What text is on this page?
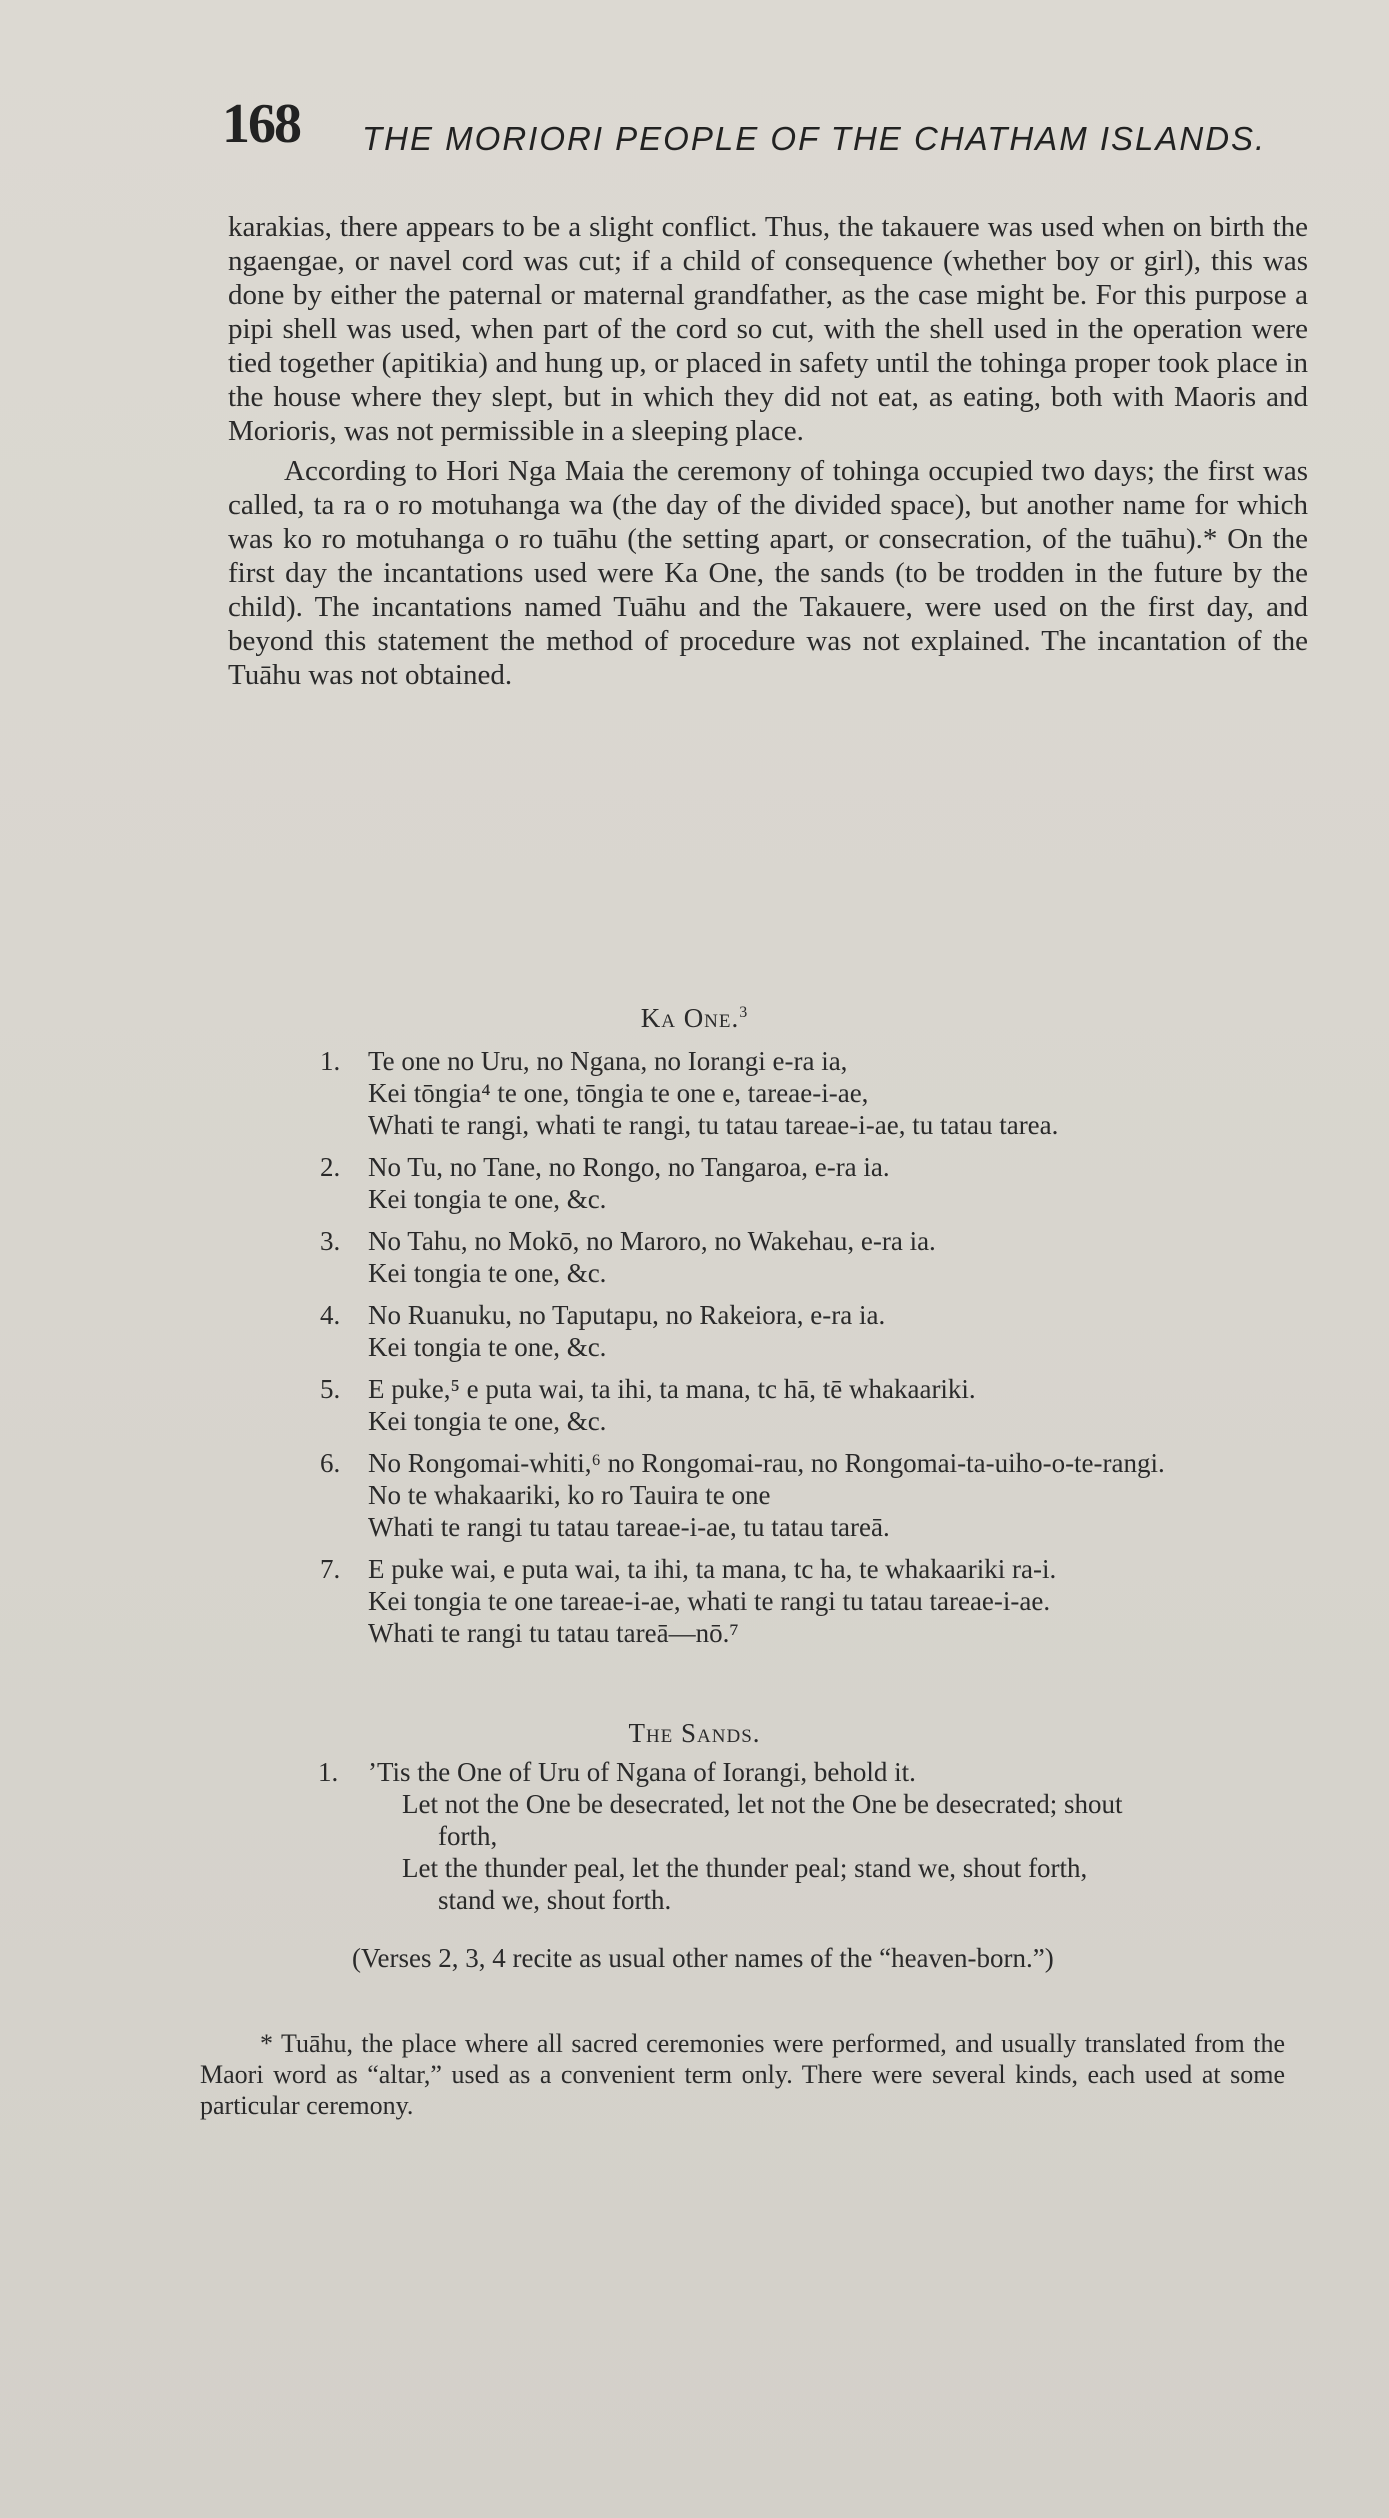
168 THE MORIORI PEOPLE OF THE CHATHAM ISLANDS.

karakias, there appears to be a slight conflict. Thus, the takauere was used when on birth the ngaengae, or navel cord was cut; if a child of consequence (whether boy or girl), this was done by either the paternal or maternal grandfather, as the case might be. For this purpose a pipi shell was used, when part of the cord so cut, with the shell used in the operation were tied together (apitikia) and hung up, or placed in safety until the tohinga proper took place in the house where they slept, but in which they did not eat, as eating, both with Maoris and Morioris, was not permissible in a sleeping place.

According to Hori Nga Maia the ceremony of tohinga occupied two days; the first was called, ta ra o ro motuhanga wa (the day of the divided space), but another name for which was ko ro motuhanga o ro tuāhu (the setting apart, or consecration, of the tuāhu).* On the first day the incantations used were Ka One, the sands (to be trodden in the future by the child). The incantations named Tuāhu and the Takauere, were used on the first day, and beyond this statement the method of procedure was not explained. The incantation of the Tuāhu was not obtained.

Ka One.$^3$
1. Te one no Uru, no Ngana, no Iorangi e-ra ia,
Kei tōngia⁴ te one, tōngia te one e, tareae-i-ae,
Whati te rangi, whati te rangi, tu tatau tareae-i-ae, tu tatau tarea.
2. No Tu, no Tane, no Rongo, no Tangaroa, e-ra ia.
Kei tongia te one, &c.
3. No Tahu, no Mokō, no Maroro, no Wakehau, e-ra ia.
Kei tongia te one, &c.
4. No Ruanuku, no Taputapu, no Rakeiora, e-ra ia.
Kei tongia te one, &c.
5. E puke,⁵ e puta wai, ta ihi, ta mana, tc hā, tē whakaariki.
Kei tongia te one, &c.
6. No Rongomai-whiti,⁶ no Rongomai-rau, no Rongomai-ta-uiho-o-te-rangi.
No te whakaariki, ko ro Tauira te one
Whati te rangi tu tatau tareae-i-ae, tu tatau tareā.
7. E puke wai, e puta wai, ta ihi, ta mana, tc ha, te whakaariki ra-i.
Kei tongia te one tareae-i-ae, whati te rangi tu tatau tareae-i-ae.
Whati te rangi tu tatau tareā—nō.⁷
The Sands.
1. ’Tis the One of Uru of Ngana of Iorangi, behold it.
Let not the One be desecrated, let not the One be desecrated; shout
forth,
Let the thunder peal, let the thunder peal; stand we, shout forth,
stand we, shout forth.
(Verses 2, 3, 4 recite as usual other names of the “heaven-born.”)
* Tuāhu, the place where all sacred ceremonies were performed, and usually translated from the Maori word as “altar,” used as a convenient term only. There were several kinds, each used at some particular ceremony.
